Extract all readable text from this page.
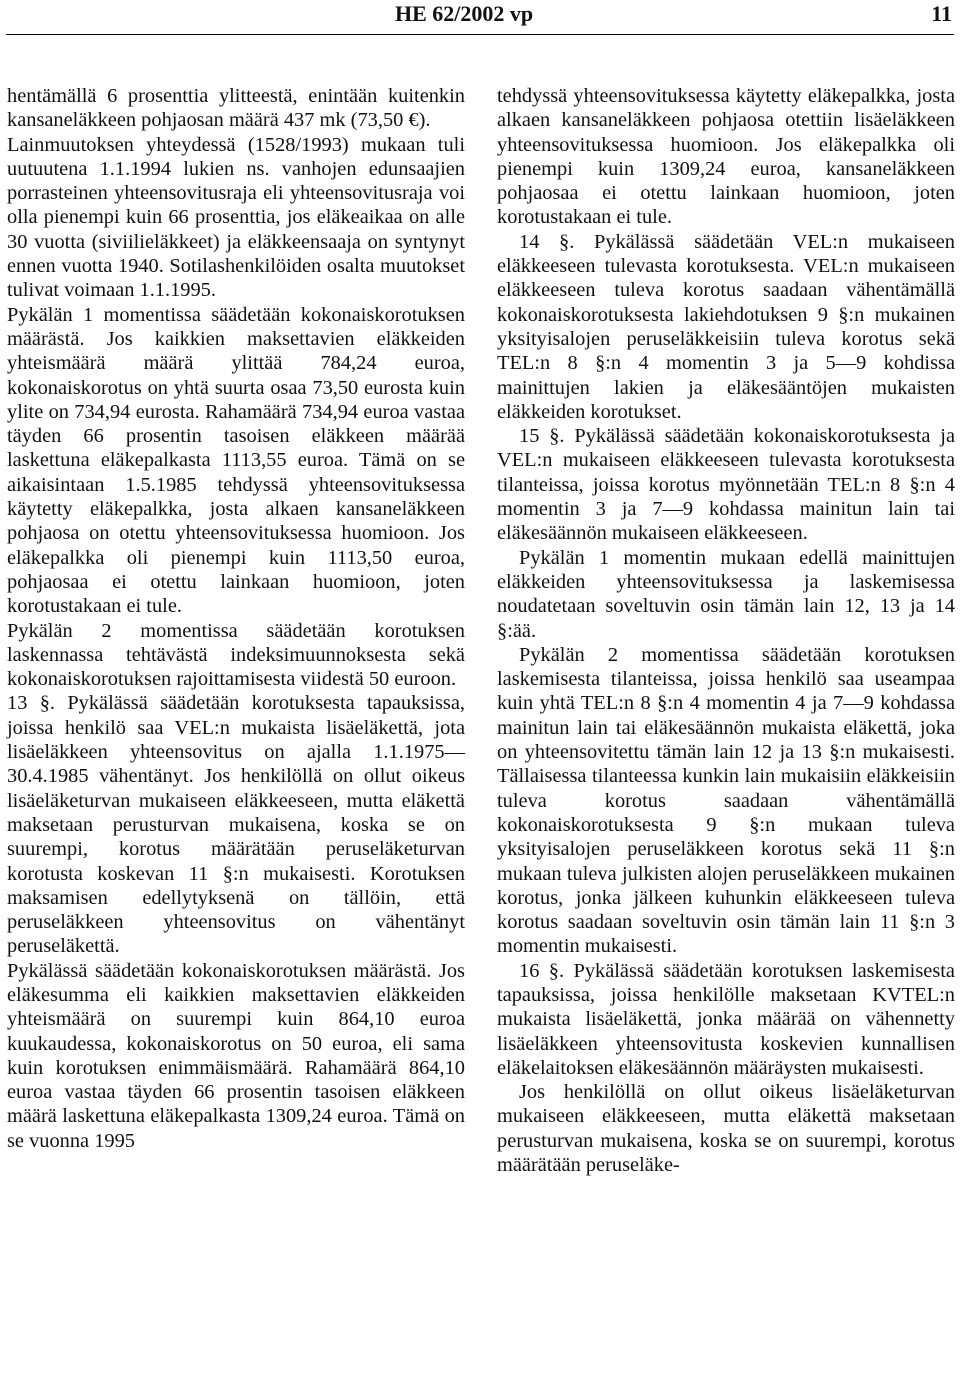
HE 62/2002 vp	11

hentämällä 6 prosenttia ylitteestä, enintään kuitenkin kansaneläkkeen pohjaosan määrä 437 mk (73,50 €).

Lainmuutoksen yhteydessä (1528/1993) mukaan tuli uutuutena 1.1.1994 lukien ns. vanhojen edunsaajien porrasteinen yhteensovitusraja eli yhteensovitusraja voi olla pienempi kuin 66 prosenttia, jos eläkeaikaa on alle 30 vuotta (siviilieläkkeet) ja eläkkeensaaja on syntynyt ennen vuotta 1940. Sotilashenkilöiden osalta muutokset tulivat voimaan 1.1.1995.

Pykälän 1 momentissa säädetään kokonaiskorotuksen määrästä. Jos kaikkien maksettavien eläkkeiden yhteismäärä määrä ylittää 784,24 euroa, kokonaiskorotus on yhtä suurta osaa 73,50 eurosta kuin ylite on 734,94 eurosta. Rahamäärä 734,94 euroa vastaa täyden 66 prosentin tasoisen eläkkeen määrää laskettuna eläkepalkasta 1113,55 euroa. Tämä on se aikaisintaan 1.5.1985 tehdyssä yhteensovituksessa käytetty eläkepalkka, josta alkaen kansaneläkkeen pohjaosa on otettu yhteensovituksessa huomioon. Jos eläkepalkka oli pienempi kuin 1113,50 euroa, pohjaosaa ei otettu lainkaan huomioon, joten korotustakaan ei tule.

Pykälän 2 momentissa säädetään korotuksen laskennassa tehtävästä indeksimuunnoksesta sekä kokonaiskorotuksen rajoittamisesta viidestä 50 euroon.

13 §. Pykälässä säädetään korotuksesta tapauksissa, joissa henkilö saa VEL:n mukaista lisäeläkettä, jota lisäeläkkeen yhteensovitus on ajalla 1.1.1975—30.4.1985 vähentänyt. Jos henkilöllä on ollut oikeus lisäeläketurvan mukaiseen eläkkeeseen, mutta eläkettä maksetaan perusturvan mukaisena, koska se on suurempi, korotus määrätään peruseläketurvan korotusta koskevan 11 §:n mukaisesti. Korotuksen maksamisen edellytyksenä on tällöin, että peruseläkkeen yhteensovitus on vähentänyt peruseläkettä.

Pykälässä säädetään kokonaiskorotuksen määrästä. Jos eläkesumma eli kaikkien maksettavien eläkkeiden yhteismäärä on suurempi kuin 864,10 euroa kuukaudessa, kokonaiskorotus on 50 euroa, eli sama kuin korotuksen enimmäismäärä. Rahamäärä 864,10 euroa vastaa täyden 66 prosentin tasoisen eläkkeen määrä laskettuna eläkepalkasta 1309,24 euroa. Tämä on se vuonna 1995

tehdyssä yhteensovituksessa käytetty eläkepalkka, josta alkaen kansaneläkkeen pohjaosa otettiin lisäeläkkeen yhteensovituksessa huomioon. Jos eläkepalkka oli pienempi kuin 1309,24 euroa, kansaneläkkeen pohjaosaa ei otettu lainkaan huomioon, joten korotustakaan ei tule.

14 §. Pykälässä säädetään VEL:n mukaiseen eläkkeeseen tulevasta korotuksesta. VEL:n mukaiseen eläkkeeseen tuleva korotus saadaan vähentämällä kokonaiskorotuksesta lakiehdotuksen 9 §:n mukainen yksityisalojen peruseläkkeisiin tuleva korotus sekä TEL:n 8 §:n 4 momentin 3 ja 5—9 kohdissa mainittujen lakien ja eläkesääntöjen mukaisten eläkkeiden korotukset.

15 §. Pykälässä säädetään kokonaiskorotuksesta ja VEL:n mukaiseen eläkkeeseen tulevasta korotuksesta tilanteissa, joissa korotus myönnetään TEL:n 8 §:n 4 momentin 3 ja 7—9 kohdassa mainitun lain tai eläkesäännön mukaiseen eläkkeeseen.

Pykälän 1 momentin mukaan edellä mainittujen eläkkeiden yhteensovituksessa ja laskemisessa noudatetaan soveltuvin osin tämän lain 12, 13 ja 14 §:ää.

Pykälän 2 momentissa säädetään korotuksen laskemisesta tilanteissa, joissa henkilö saa useampaa kuin yhtä TEL:n 8 §:n 4 momentin 4 ja 7—9 kohdassa mainitun lain tai eläkesäännön mukaista eläkettä, joka on yhteensovitettu tämän lain 12 ja 13 §:n mukaisesti. Tällaisessa tilanteessa kunkin lain mukaisiin eläkkeisiin tuleva korotus saadaan vähentämällä kokonaiskorotuksesta 9 §:n mukaan tuleva yksityisalojen peruseläkkeen korotus sekä 11 §:n mukaan tuleva julkisten alojen peruseläkkeen mukainen korotus, jonka jälkeen kuhunkin eläkkeeseen tuleva korotus saadaan soveltuvin osin tämän lain 11 §:n 3 momentin mukaisesti.

16 §. Pykälässä säädetään korotuksen laskemisesta tapauksissa, joissa henkilölle maksetaan KVTEL:n mukaista lisäeläkettä, jonka määrää on vähennetty lisäeläkkeen yhteensovitusta koskevien kunnallisen eläkelaitoksen eläkesäännön määräysten mukaisesti.

Jos henkilöllä on ollut oikeus lisäeläketurvan mukaiseen eläkkeeseen, mutta eläkettä maksetaan perusturvan mukaisena, koska se on suurempi, korotus määrätään peruseläke-
